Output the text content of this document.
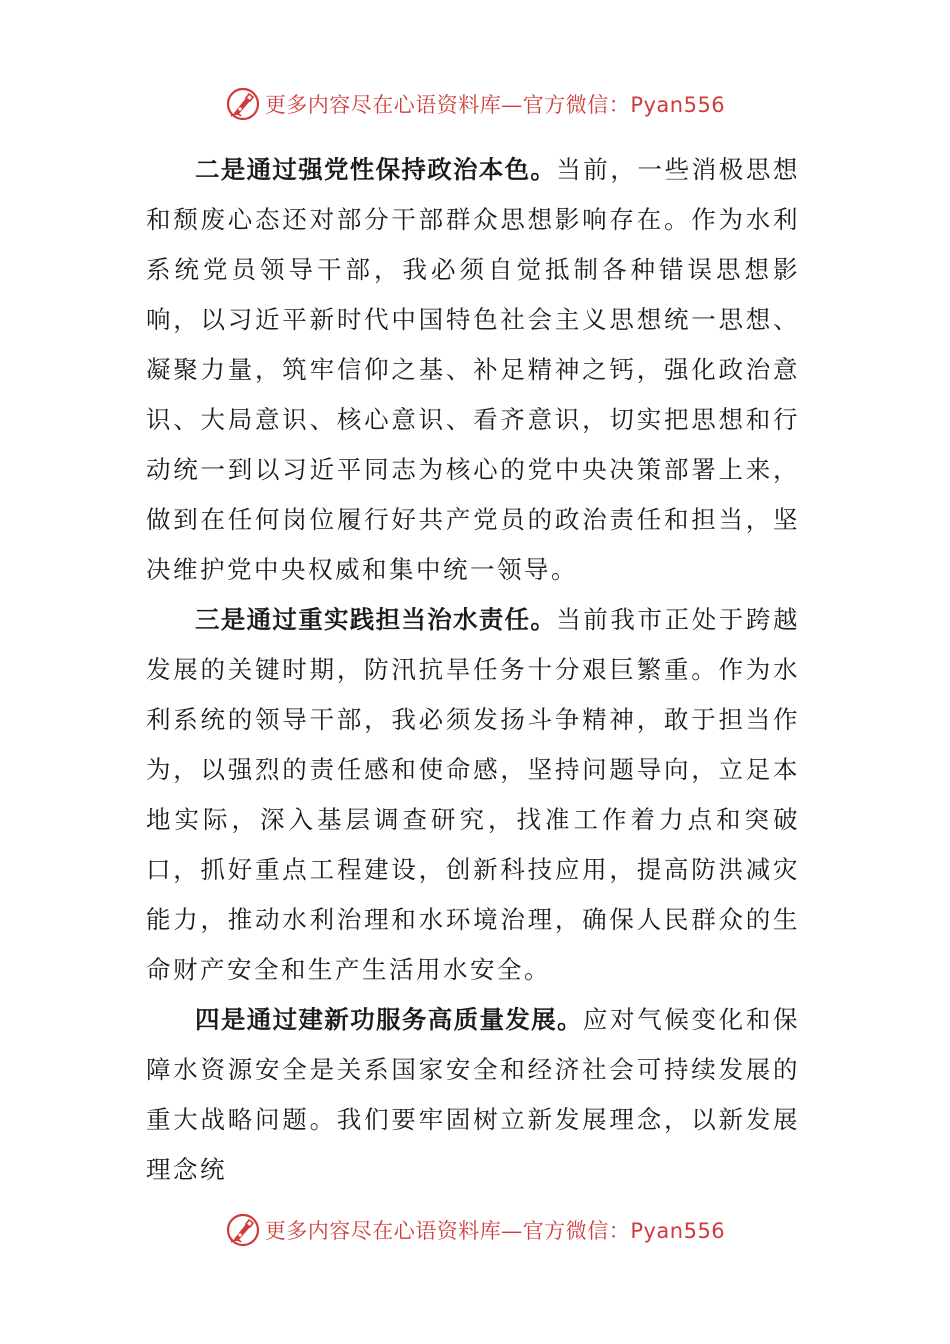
更多内容尽在心语资料库—官方微信：Pyan556

二是通过强党性保持政治本色。当前，一些消极思想和颓废心态还对部分干部群众思想影响存在。作为水利系统党员领导干部，我必须自觉抵制各种错误思想影响，以习近平新时代中国特色社会主义思想统一思想、凝聚力量，筑牢信仰之基、补足精神之钙，强化政治意识、大局意识、核心意识、看齐意识，切实把思想和行动统一到以习近平同志为核心的党中央决策部署上来，做到在任何岗位履行好共产党员的政治责任和担当，坚决维护党中央权威和集中统一领导。

三是通过重实践担当治水责任。当前我市正处于跨越发展的关键时期，防汛抗旱任务十分艰巨繁重。作为水利系统的领导干部，我必须发扬斗争精神，敢于担当作为，以强烈的责任感和使命感，坚持问题导向，立足本地实际，深入基层调查研究，找准工作着力点和突破口，抓好重点工程建设，创新科技应用，提高防洪减灾能力，推动水利治理和水环境治理，确保人民群众的生命财产安全和生产生活用水安全。

四是通过建新功服务高质量发展。应对气候变化和保障水资源安全是关系国家安全和经济社会可持续发展的重大战略问题。我们要牢固树立新发展理念，以新发展理念统

更多内容尽在心语资料库—官方微信：Pyan556
